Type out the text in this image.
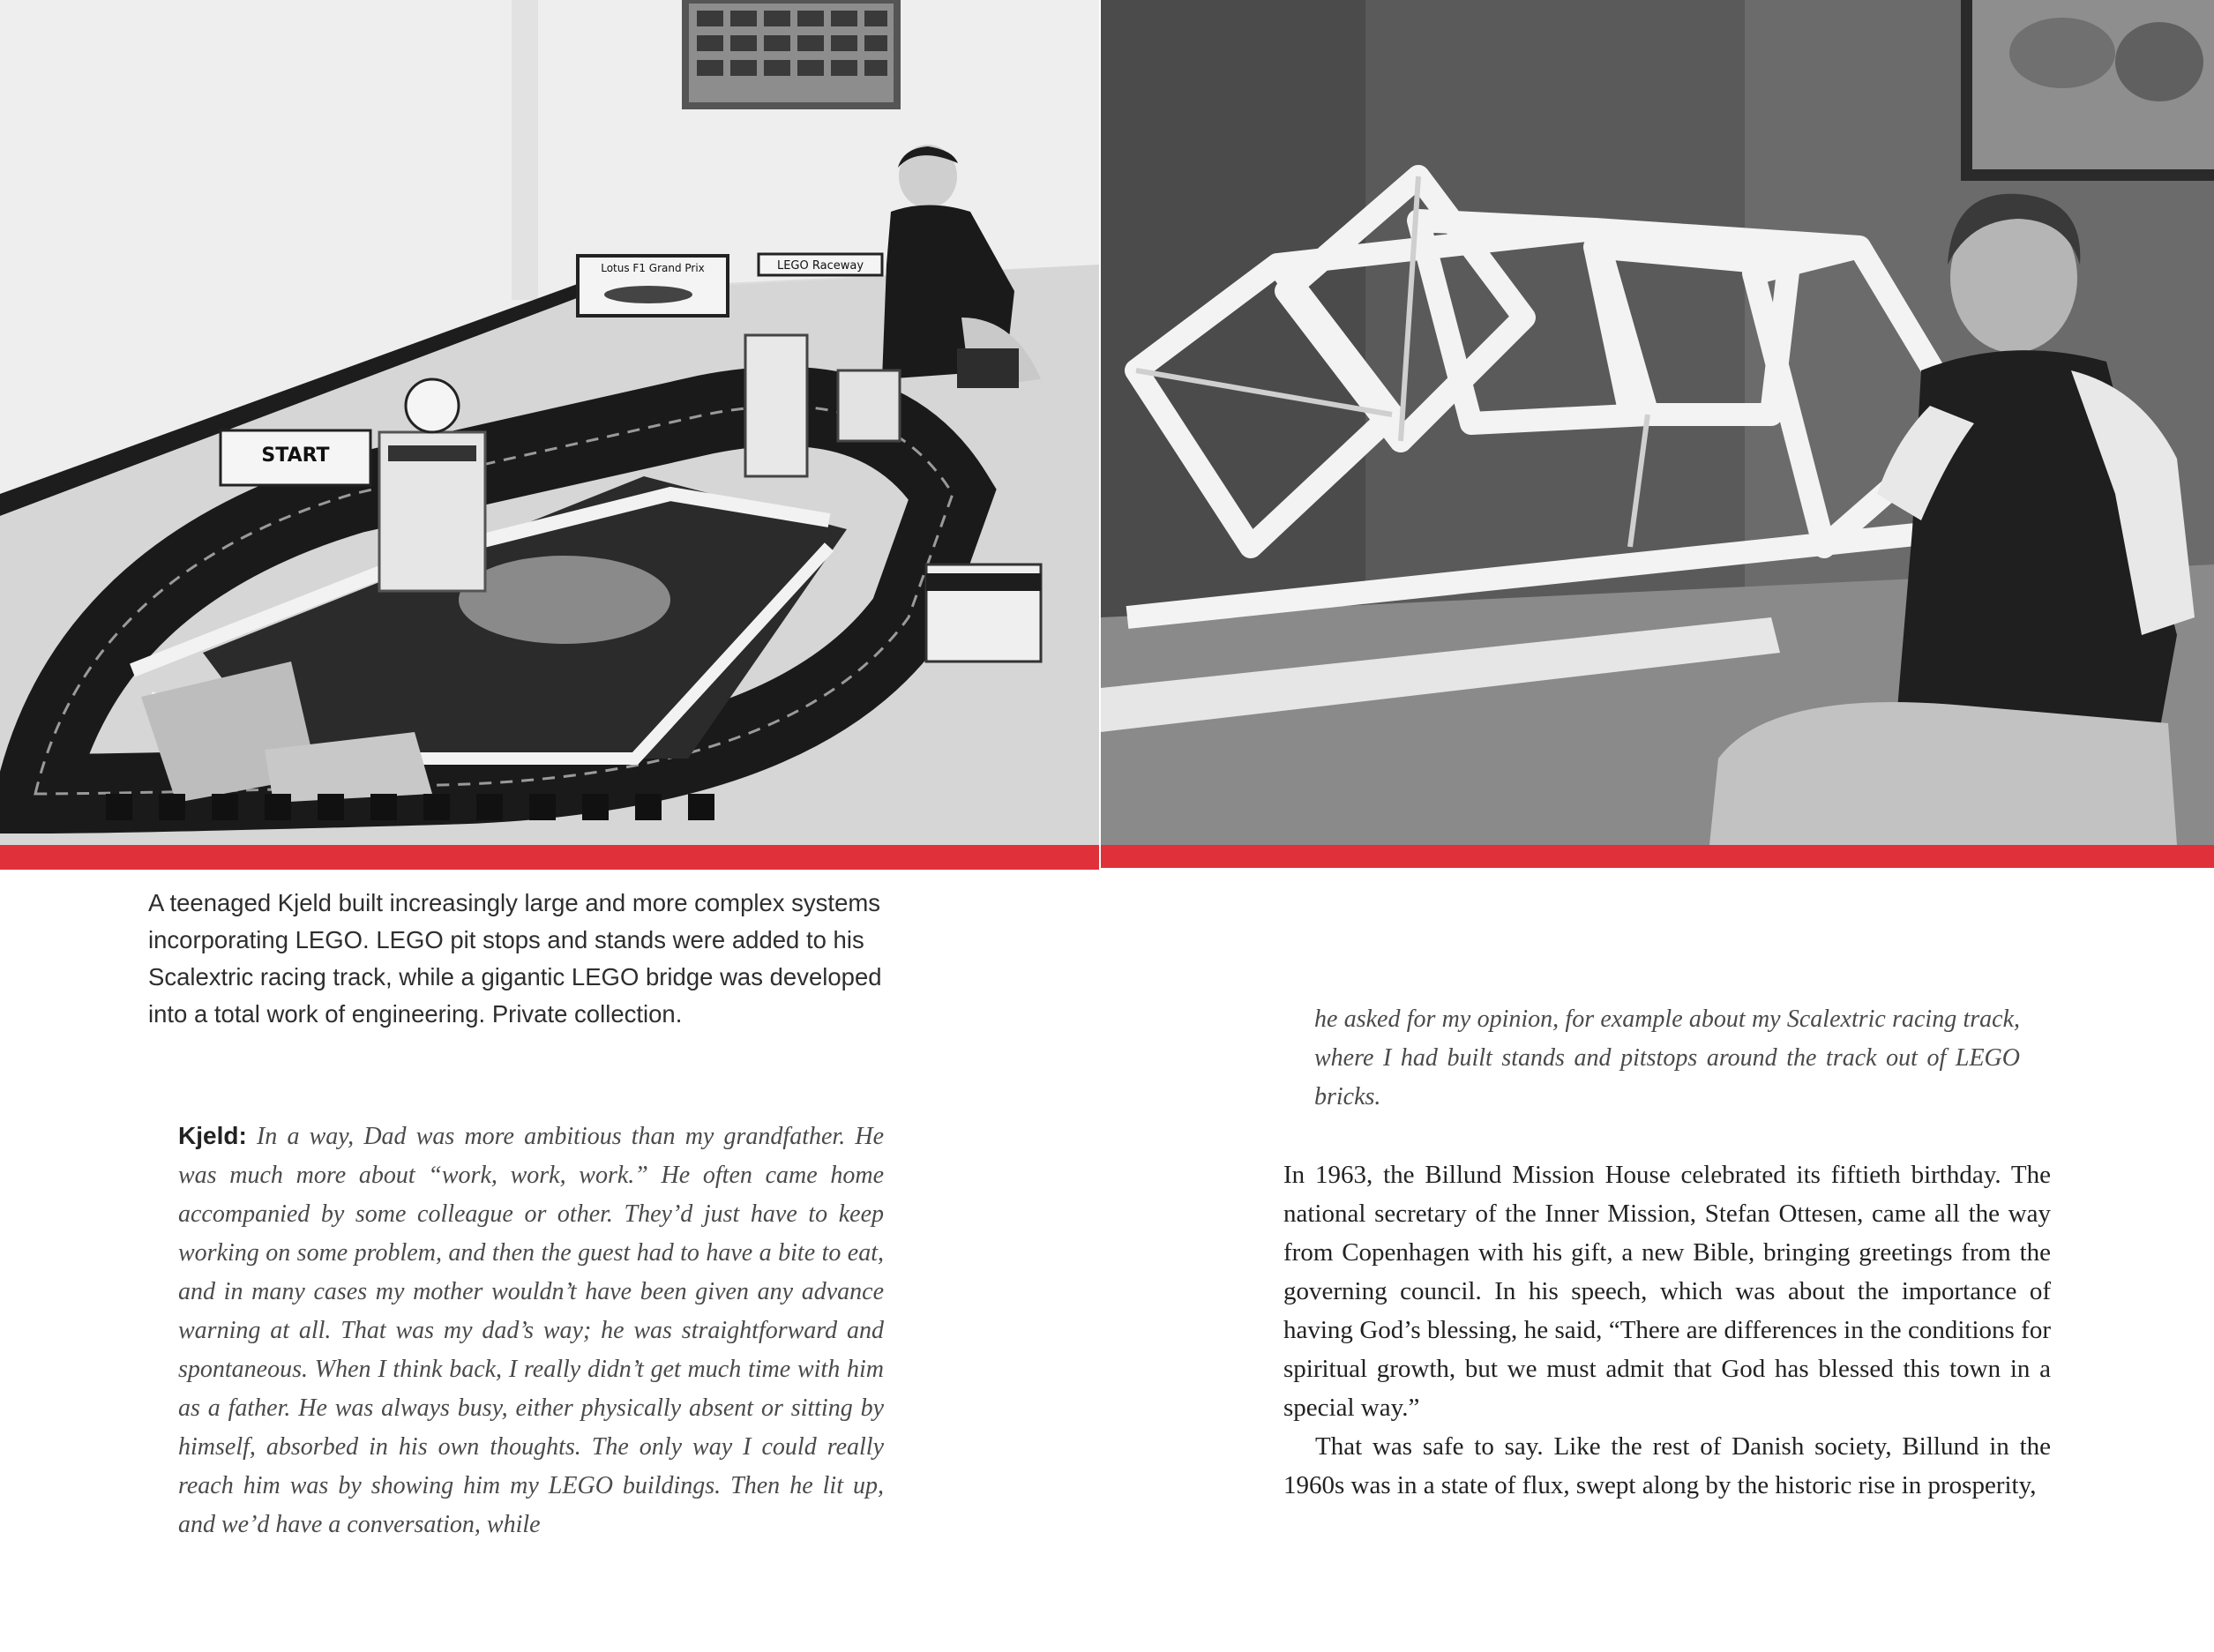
Lotus F1 Grand Prix	LEGO Raceway
START

A teenaged Kjeld built increasingly large and more complex systems incorporating LEGO. LEGO pit stops and stands were added to his Scalextric racing track, while a gigantic LEGO bridge was developed into a total work of engineering. Private collection.

Kjeld: In a way, Dad was more ambitious than my grandfather. He was much more about “work, work, work.” He often came home accompanied by some colleague or other. They’d just have to keep working on some problem, and then the guest had to have a bite to eat, and in many cases my mother wouldn’t have been given any advance warning at all. That was my dad’s way; he was straightforward and spontaneous. When I think back, I really didn’t get much time with him as a father. He was always busy, either physically absent or sitting by himself, absorbed in his own thoughts. The only way I could really reach him was by showing him my LEGO buildings. Then he lit up, and we’d have a conversation, while

he asked for my opinion, for example about my Scalextric racing track, where I had built stands and pitstops around the track out of LEGO bricks.

In 1963, the Billund Mission House celebrated its fiftieth birthday. The national secretary of the Inner Mission, Stefan Ottesen, came all the way from Copenhagen with his gift, a new Bible, bringing greetings from the governing council. In his speech, which was about the importance of having God’s blessing, he said, “There are differences in the conditions for spiritual growth, but we must admit that God has blessed this town in a special way.”

That was safe to say. Like the rest of Danish society, Billund in the 1960s was in a state of flux, swept along by the historic rise in prosperity,
